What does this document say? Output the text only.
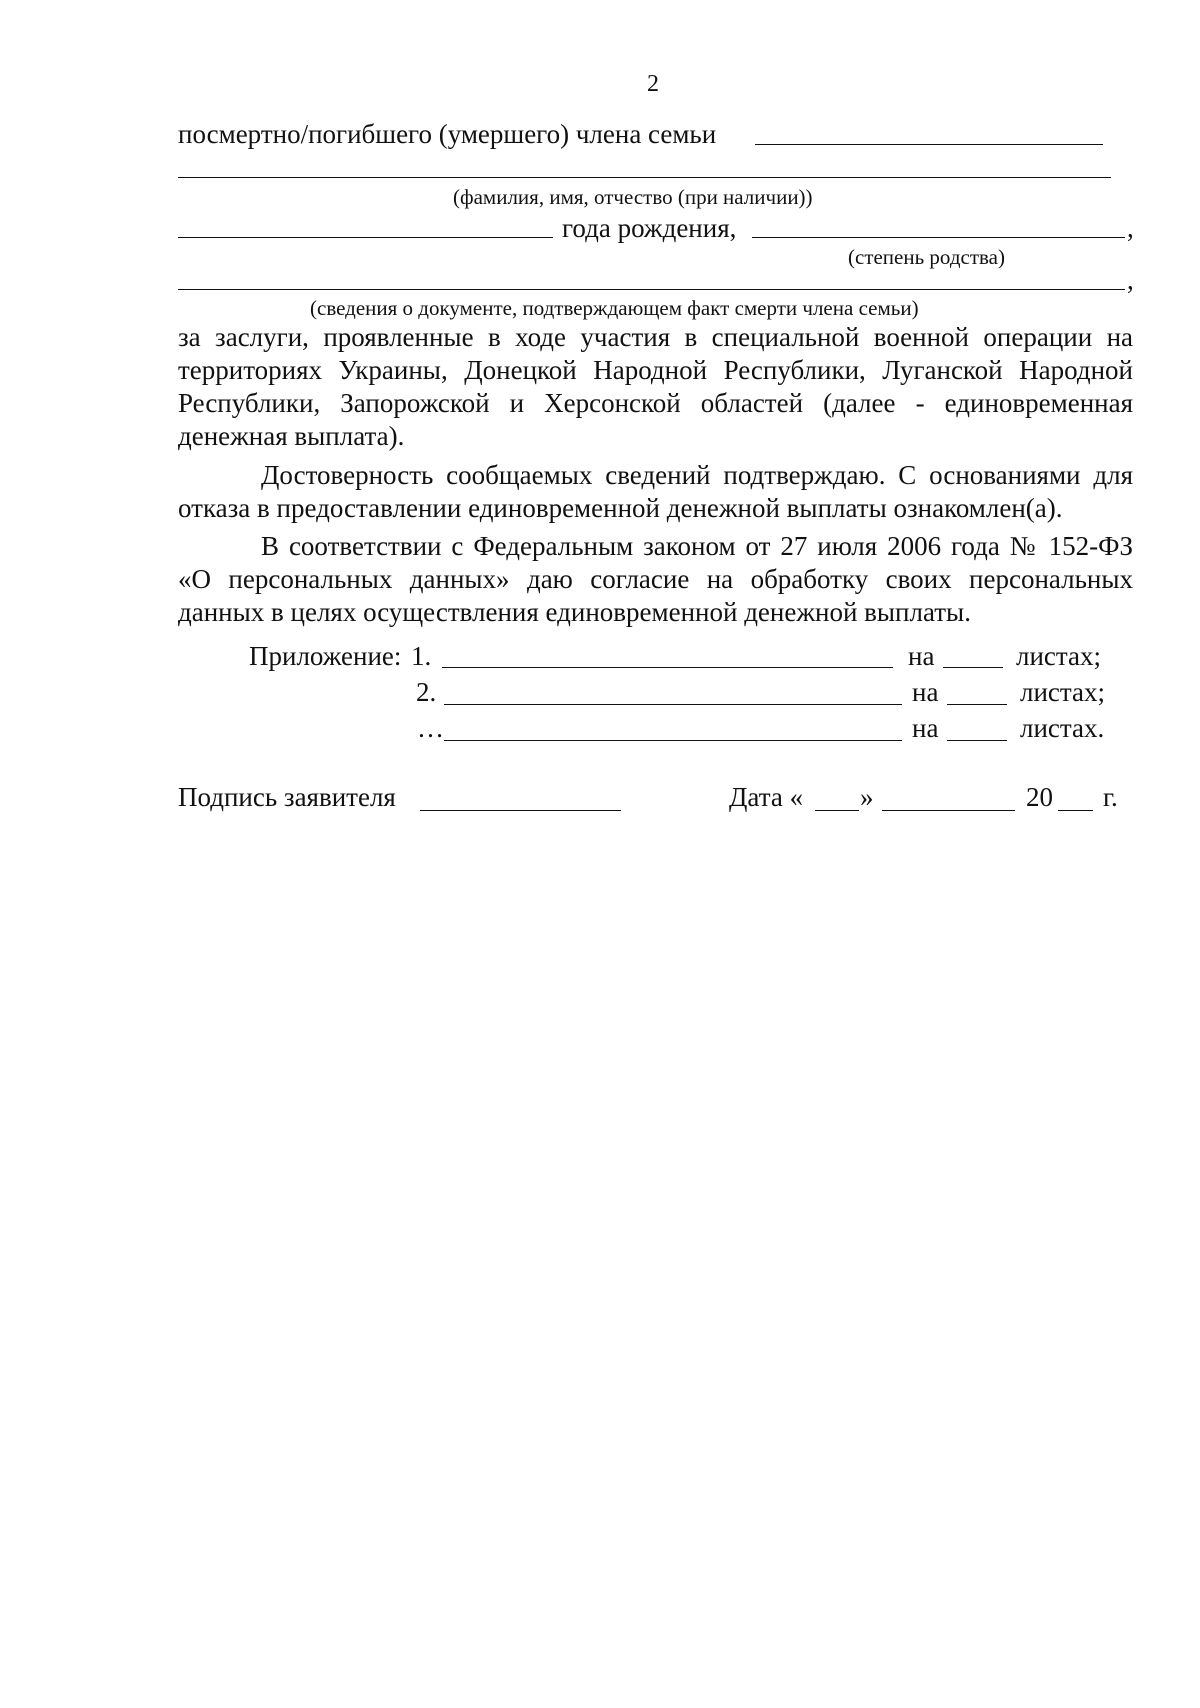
2
посмертно/погибшего (умершего) члена семьи
(фамилия, имя, отчество (при наличии))
года рождения,	,
(степень родства)
,
(сведения о документе, подтверждающем факт смерти члена семьи)
за заслуги, проявленные в ходе участия в специальной военной операции на
территориях Украины, Донецкой Народной Республики, Луганской Народной
Республики, Запорожской и Херсонской областей (далее - единовременная
денежная выплата).
Достоверность сообщаемых сведений подтверждаю. С основаниями для
отказа в предоставлении единовременной денежной выплаты ознакомлен(а).
В соответствии с Федеральным законом от 27 июля 2006 года № 152-ФЗ
«О персональных данных» даю согласие на обработку своих персональных
данных в целях осуществления единовременной денежной выплаты.
Приложение: 1.	на	листах;
2.	на	листах;
…	на	листах.
Подпись заявителя	Дата « »	20 г.
